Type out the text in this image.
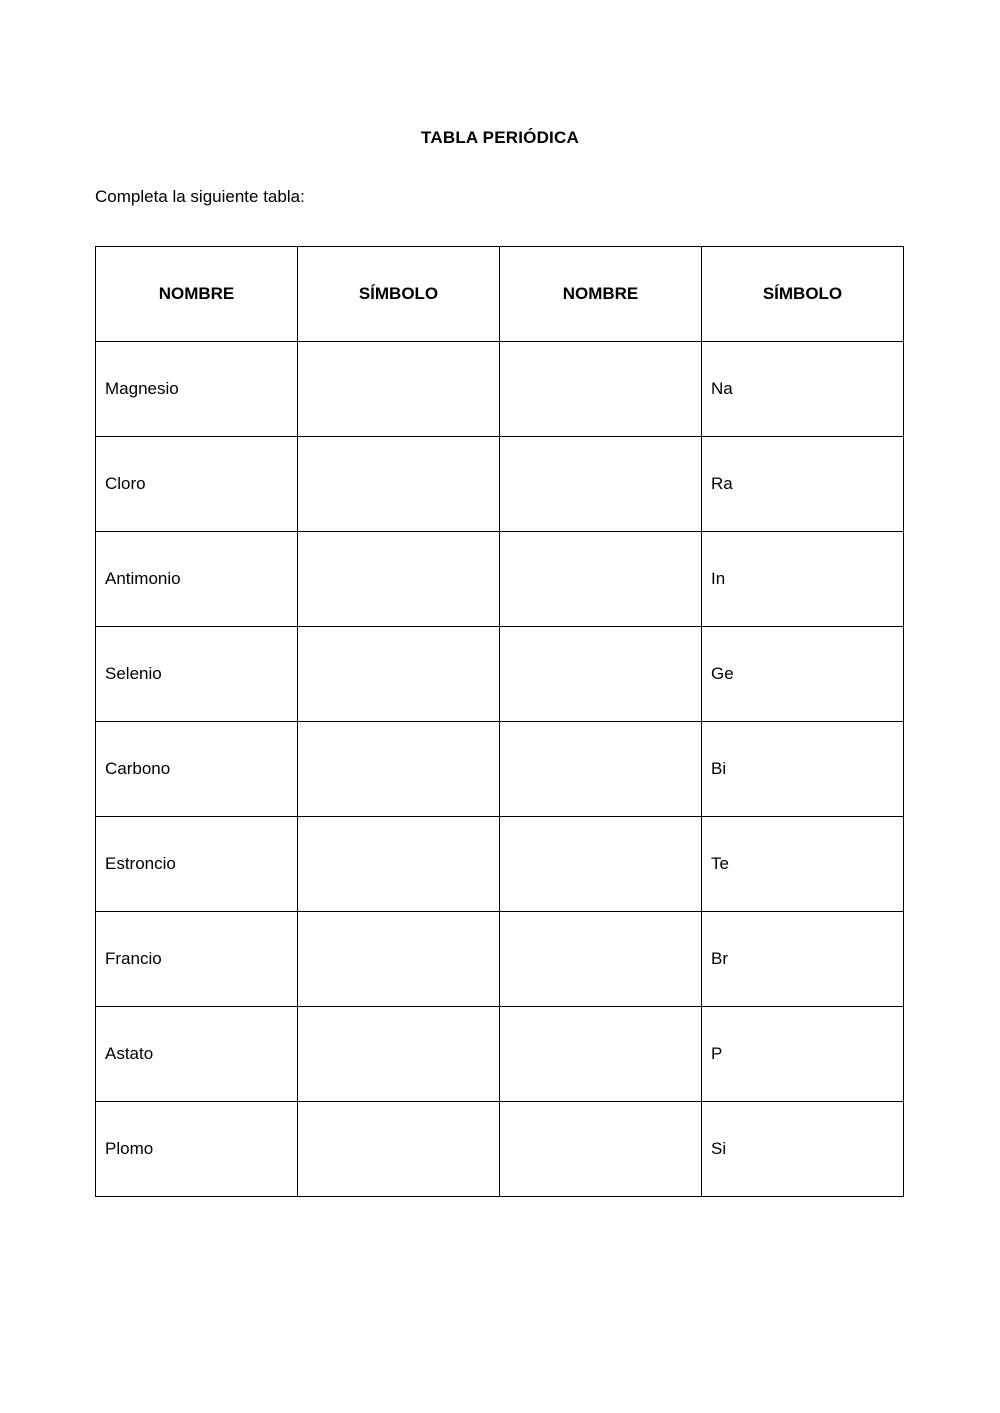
TABLA PERIÓDICA
Completa la siguiente tabla:
NOMBRE	SÍMBOLO	NOMBRE	SÍMBOLO
Magnesio			Na
Cloro			Ra
Antimonio			In
Selenio			Ge
Carbono			Bi
Estroncio			Te
Francio			Br
Astato			P
Plomo			Si
